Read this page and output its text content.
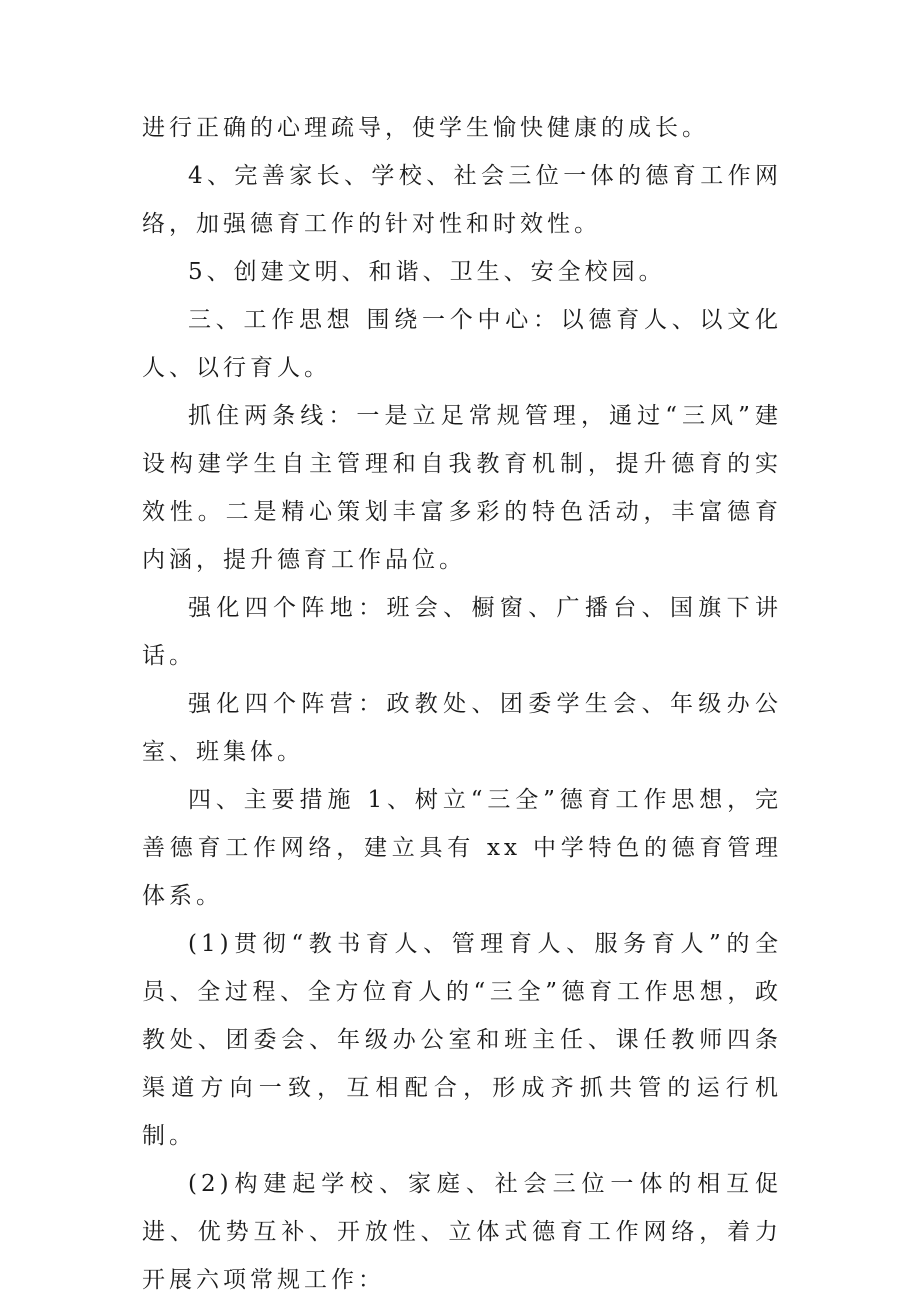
进行正确的心理疏导，使学生愉快健康的成长。

4、完善家长、学校、社会三位一体的德育工作网络，加强德育工作的针对性和时效性。

5、创建文明、和谐、卫生、安全校园。

三、工作思想 围绕一个中心：以德育人、以文化人、以行育人。

抓住两条线：一是立足常规管理，通过“三风”建设构建学生自主管理和自我教育机制，提升德育的实效性。二是精心策划丰富多彩的特色活动，丰富德育内涵，提升德育工作品位。

强化四个阵地：班会、橱窗、广播台、国旗下讲话。

强化四个阵营：政教处、团委学生会、年级办公室、班集体。

四、主要措施 1、树立“三全”德育工作思想，完善德育工作网络，建立具有 xx 中学特色的德育管理体系。

(1)贯彻“教书育人、管理育人、服务育人”的全员、全过程、全方位育人的“三全”德育工作思想，政教处、团委会、年级办公室和班主任、课任教师四条渠道方向一致，互相配合，形成齐抓共管的运行机制。

(2)构建起学校、家庭、社会三位一体的相互促进、优势互补、开放性、立体式德育工作网络，着力开展六项常规工作：
